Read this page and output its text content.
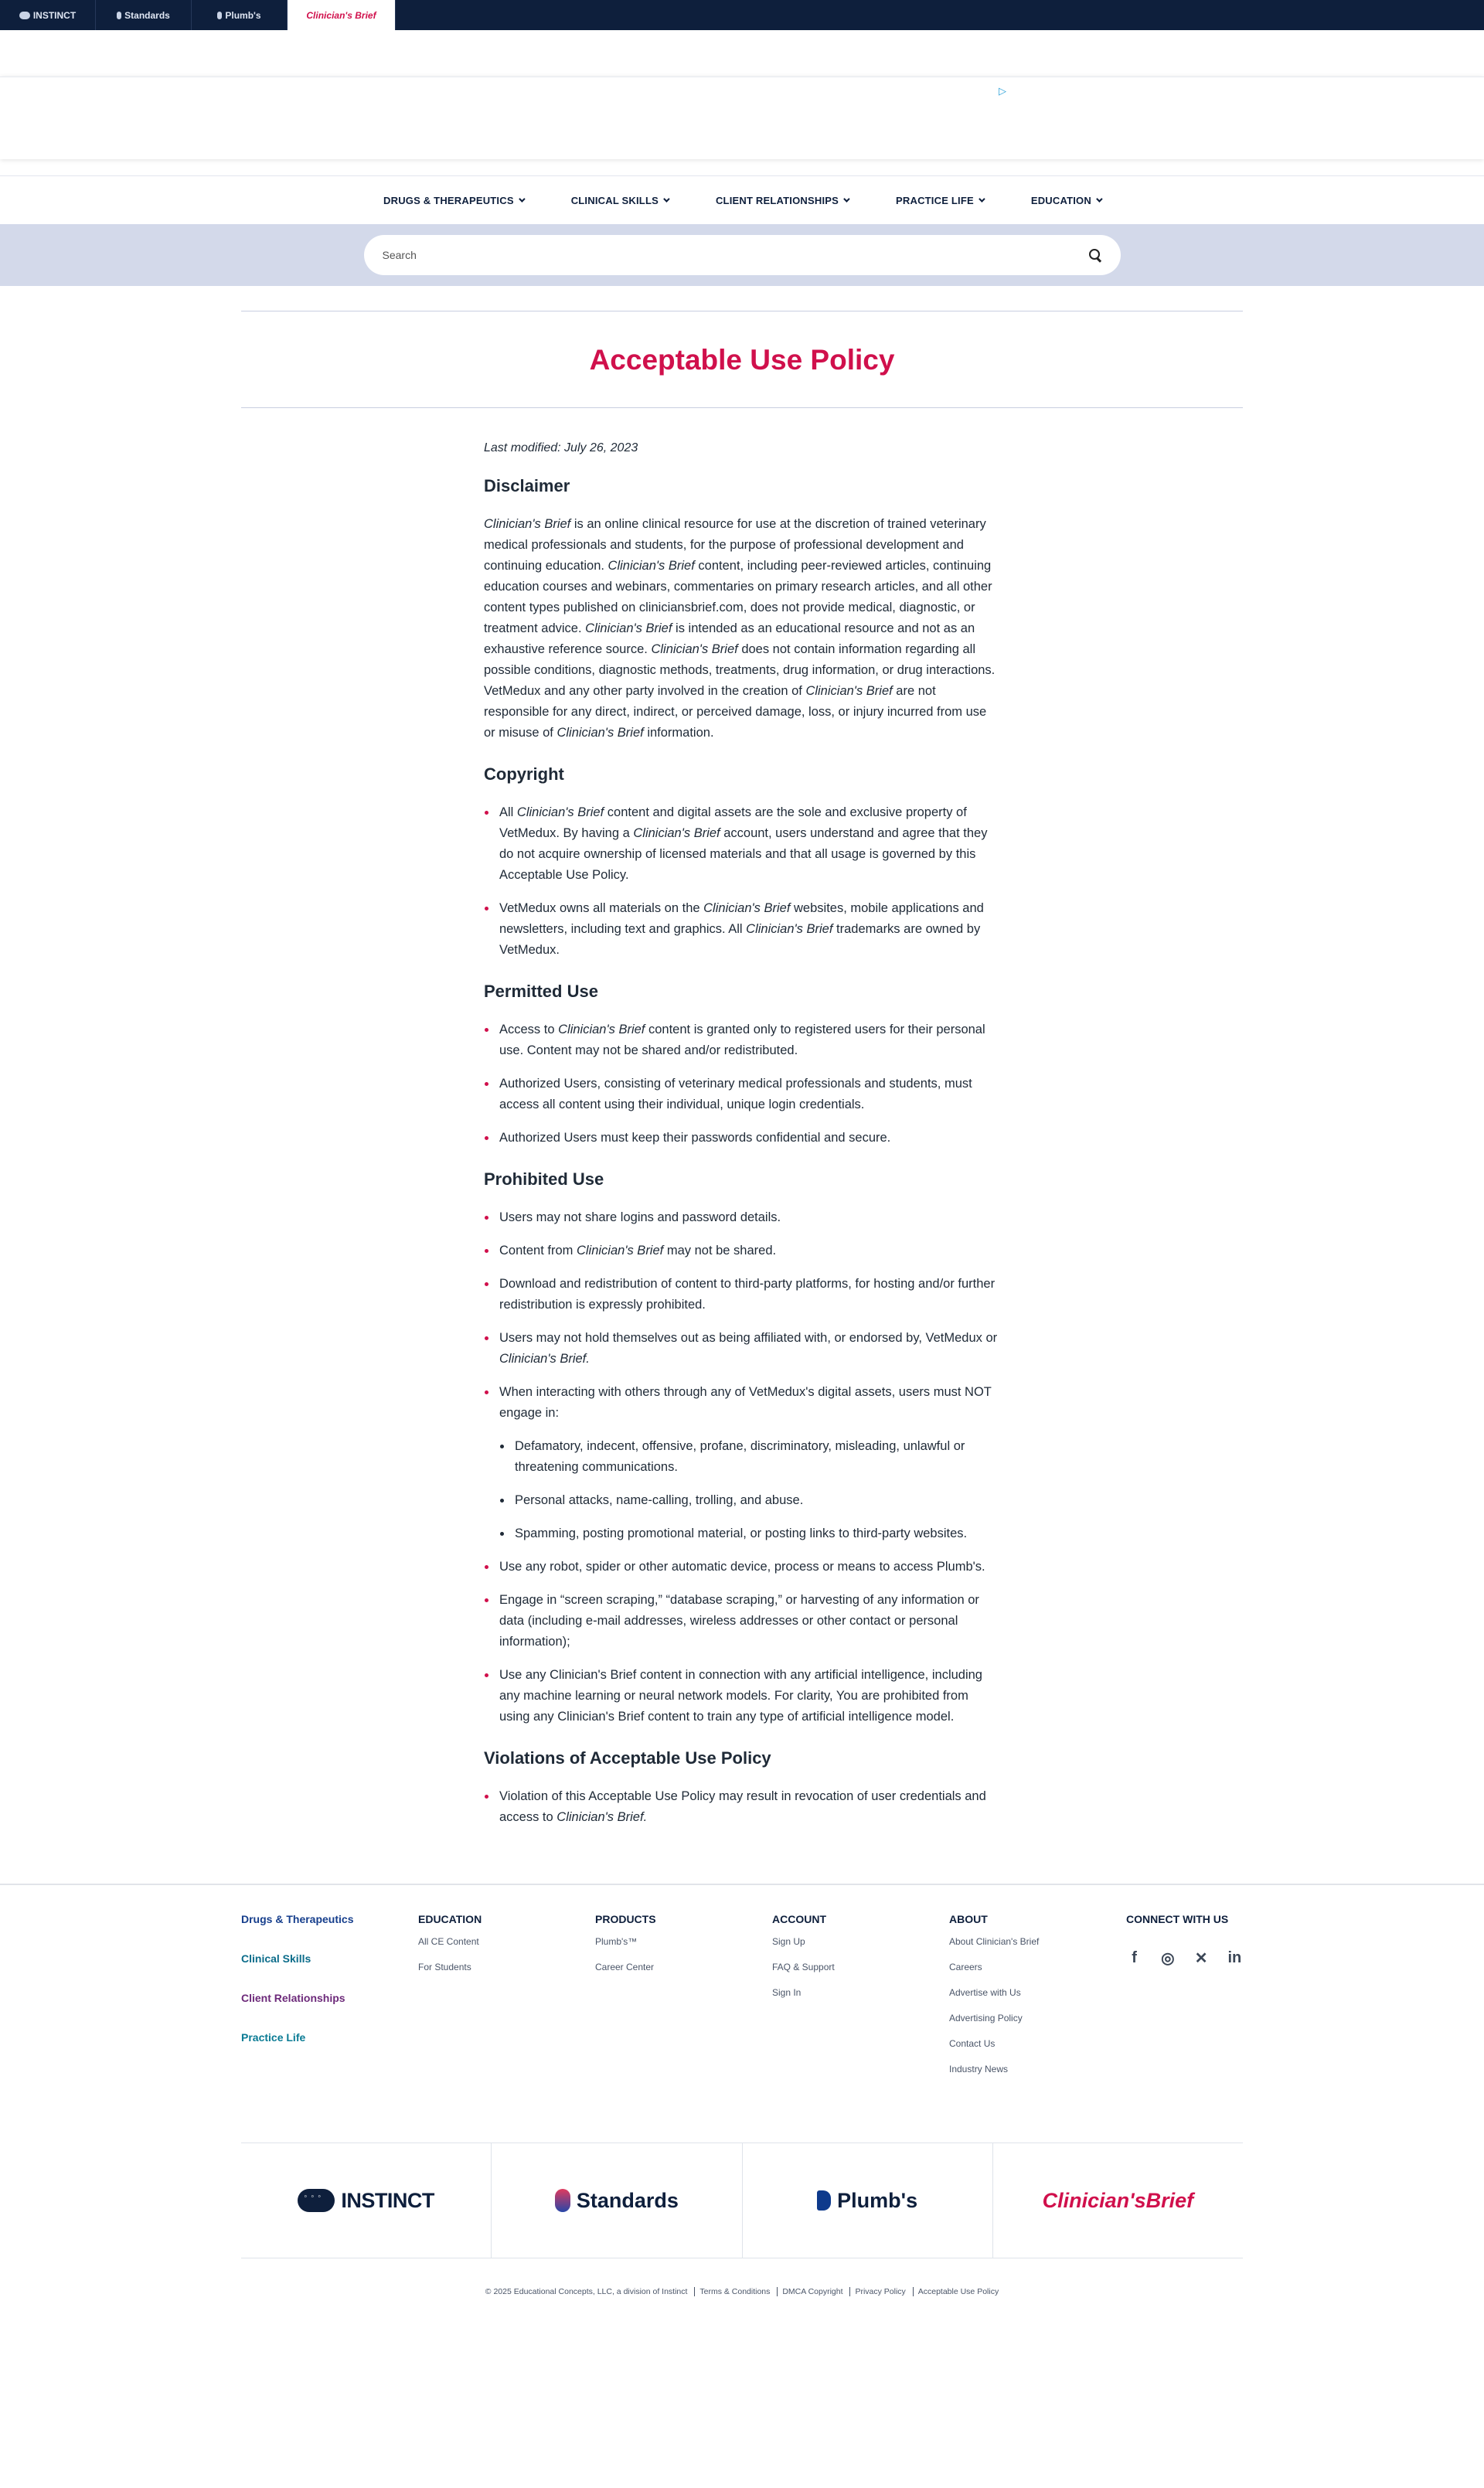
INSTINCT	Standards	Plumb's	Clinician's Brief
▷
DRUGS & THERAPEUTICS	CLINICAL SKILLS	CLIENT RELATIONSHIPS	PRACTICE LIFE	EDUCATION
Search
Acceptable Use Policy
Last modified: July 26, 2023
Disclaimer

Clinician's Brief is an online clinical resource for use at the discretion of trained veterinary medical professionals and students, for the purpose of professional development and continuing education. Clinician's Brief content, including peer-reviewed articles, continuing education courses and webinars, commentaries on primary research articles, and all other content types published on cliniciansbrief.com, does not provide medical, diagnostic, or treatment advice. Clinician's Brief is intended as an educational resource and not as an exhaustive reference source. Clinician's Brief does not contain information regarding all possible conditions, diagnostic methods, treatments, drug information, or drug interactions. VetMedux and any other party involved in the creation of Clinician's Brief are not responsible for any direct, indirect, or perceived damage, loss, or injury incurred from use or misuse of Clinician's Brief information.

Copyright
All Clinician's Brief content and digital assets are the sole and exclusive property of VetMedux. By having a Clinician's Brief account, users understand and agree that they do not acquire ownership of licensed materials and that all usage is governed by this Acceptable Use Policy.
VetMedux owns all materials on the Clinician's Brief websites, mobile applications and newsletters, including text and graphics. All Clinician's Brief trademarks are owned by VetMedux.
Permitted Use
Access to Clinician's Brief content is granted only to registered users for their personal use. Content may not be shared and/or redistributed.
Authorized Users, consisting of veterinary medical professionals and students, must access all content using their individual, unique login credentials.
Authorized Users must keep their passwords confidential and secure.
Prohibited Use
Users may not share logins and password details.
Content from Clinician's Brief may not be shared.
Download and redistribution of content to third-party platforms, for hosting and/or further redistribution is expressly prohibited.
Users may not hold themselves out as being affiliated with, or endorsed by, VetMedux or Clinician's Brief.
When interacting with others through any of VetMedux's digital assets, users must NOT engage in:
Defamatory, indecent, offensive, profane, discriminatory, misleading, unlawful or threatening communications.
Personal attacks, name-calling, trolling, and abuse.
Spamming, posting promotional material, or posting links to third-party websites.
Use any robot, spider or other automatic device, process or means to access Plumb's.
Engage in “screen scraping,” “database scraping,” or harvesting of any information or data (including e-mail addresses, wireless addresses or other contact or personal information);
Use any Clinician's Brief content in connection with any artificial intelligence, including any machine learning or neural network models. For clarity, You are prohibited from using any Clinician's Brief content to train any type of artificial intelligence model.
Violations of Acceptable Use Policy
Violation of this Acceptable Use Policy may result in revocation of user credentials and access to Clinician's Brief.
Drugs & Therapeutics
Clinical Skills
Client Relationships
Practice Life
EDUCATION
All CE Content
For Students
PRODUCTS
Plumb's™
Career Center
ACCOUNT
Sign Up
FAQ & Support
Sign In
ABOUT
About Clinician's Brief
Careers
Advertise with Us
Advertising Policy
Contact Us
Industry News
CONNECT WITH US
f	◎ ✕ in
◦ ◦ ◦
INSTINCT	Standards	Plumb's	Clinician'sBrief
© 2025 Educational Concepts, LLC, a division of Instinct Terms & Conditions DMCA Copyright Privacy Policy Acceptable Use Policy
